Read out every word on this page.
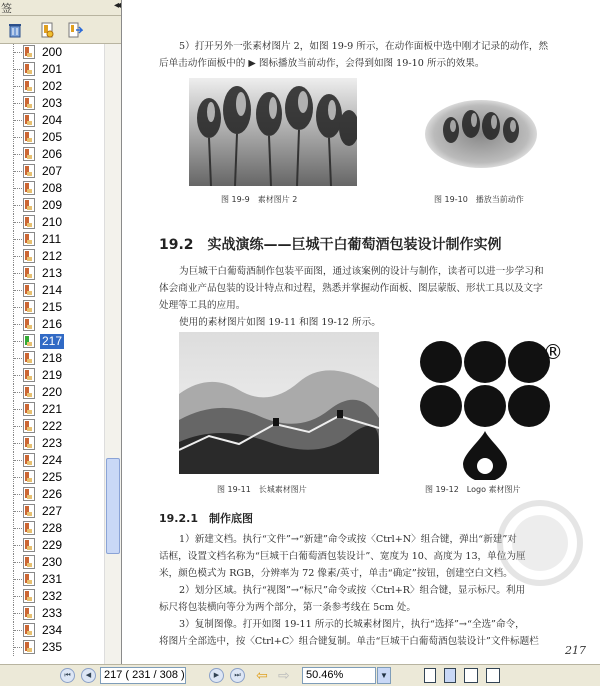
签	◂◂
200
201
202
203
204
205
206
207
208
209
210
211
212
213
214
215
216
217
218
219
220
221
222
223
224
225
226
227
228
229
230
231
232
233
234
235
5）打开另外一张素材图片 2，如图 19-9 所示，在动作面板中选中刚才记录的动作，然
后单击动作面板中的 ▶ 图标播放当前动作，会得到如图 19-10 所示的效果。
图 19-9　素材图片 2	图 19-10　播放当前动作
19.2　实战演练——巨城干白葡萄酒包装设计制作实例
为巨城干白葡萄酒制作包装平面图，通过该案例的设计与制作，读者可以进一步学习和
体会商业产品包装的设计特点和过程，熟悉并掌握动作面板、图层蒙版、形状工具以及文字
处理等工具的应用。
使用的素材图片如图 19-11 和图 19-12 所示。
图 19-11　长城素材图片
®
图 19-12　Logo 素材图片
19.2.1　制作底图
1）新建文档。执行“文件”→“新建”命令或按〈Ctrl+N〉组合键，弹出“新建”对
话框，设置文档名称为“巨城干白葡萄酒包装设计”、宽度为 10、高度为 13，单位为厘
米，颜色模式为 RGB，分辨率为 72 像素/英寸，单击“确定”按钮，创建空白文档。
2）划分区域。执行“视图”→“标尺”命令或按〈Ctrl+R〉组合键，显示标尺。利用
标尺将包装横向等分为两个部分，第一条参考线在 5cm 处。
3）复制图像。打开如图 19-11 所示的长城素材图片，执行“选择”→“全选”命令，
将图片全部选中，按〈Ctrl+C〉组合键复制。单击“巨城干白葡萄酒包装设计”文件标题栏
217
⏮	◀	217 ( 231 / 308 )	▶	⏭ ⇦ ⇨	50.46%	▼
